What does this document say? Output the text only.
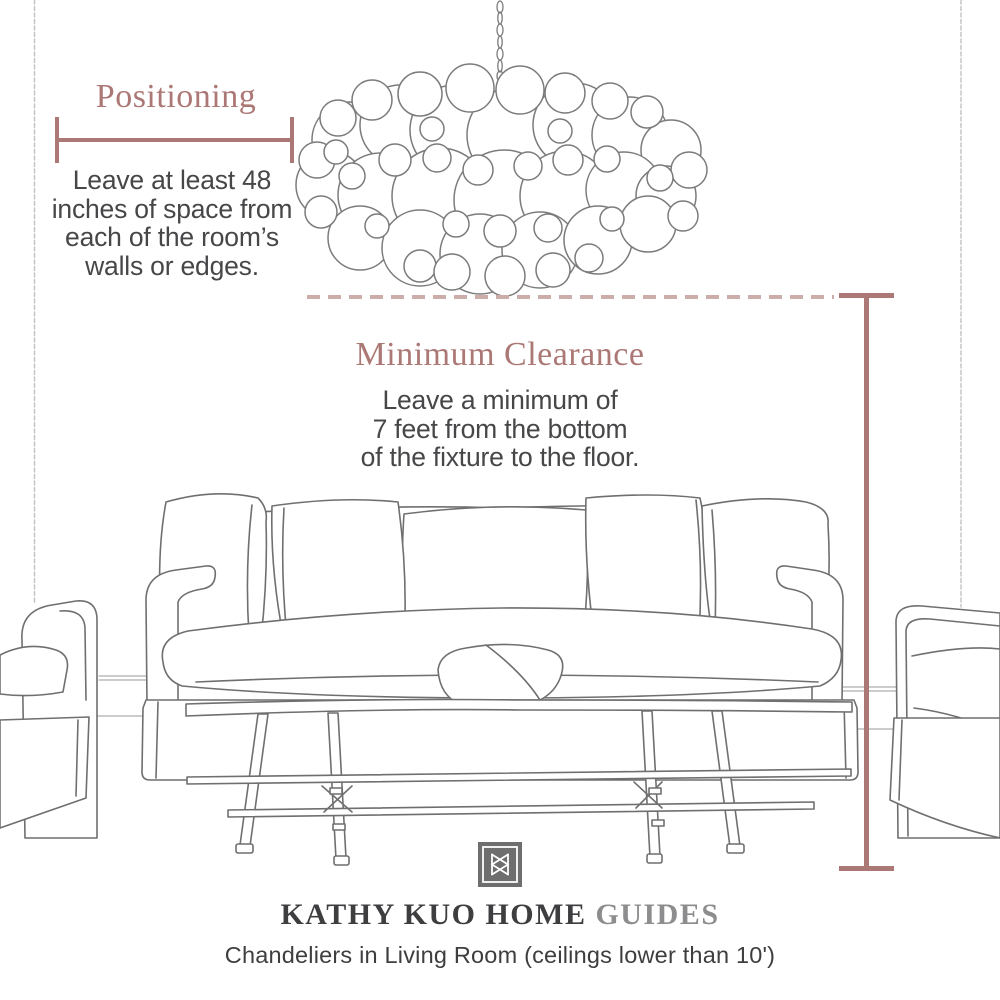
Positioning
Leave at least 48
inches of space from
each of the room’s
walls or edges.
Minimum Clearance
Leave a minimum of
7 feet from the bottom
of the fixture to the floor.
KATHY KUO HOME GUIDES
Chandeliers in Living Room (ceilings lower than 10')
